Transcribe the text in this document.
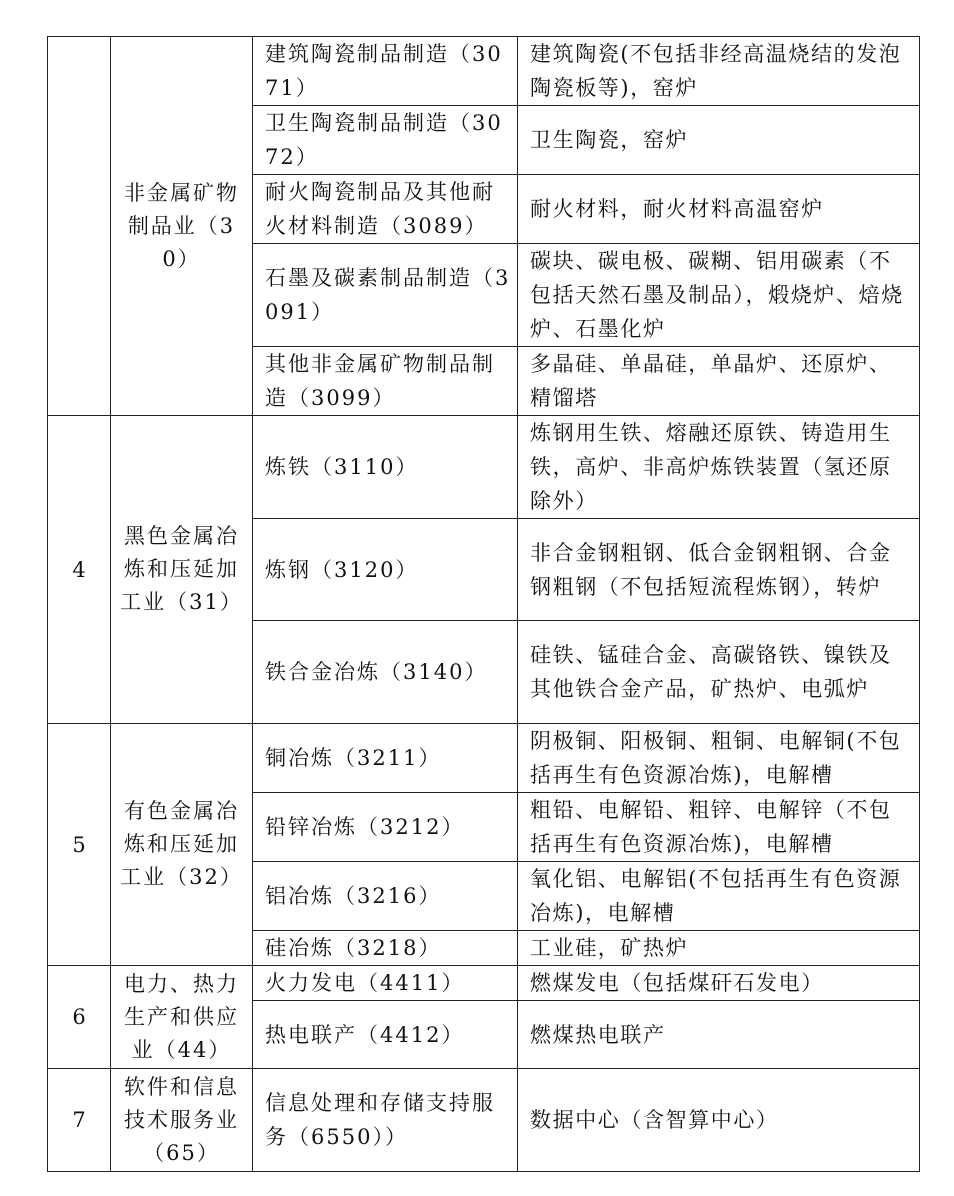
	非金属矿物制品业（30）	建筑陶瓷制品制造（3071）	建筑陶瓷(不包括非经高温烧结的发泡陶瓷板等)，窑炉
		卫生陶瓷制品制造（3072）	卫生陶瓷，窑炉
		耐火陶瓷制品及其他耐火材料制造（3089）	耐火材料，耐火材料高温窑炉
		石墨及碳素制品制造（3091）	碳块、碳电极、碳糊、铝用碳素（不包括天然石墨及制品），煅烧炉、焙烧炉、石墨化炉
		其他非金属矿物制品制造（3099）	多晶硅、单晶硅，单晶炉、还原炉、精馏塔
4	黑色金属冶炼和压延加工业（31）	炼铁（3110）	炼钢用生铁、熔融还原铁、铸造用生铁，高炉、非高炉炼铁装置（氢还原除外）
		炼钢（3120）	非合金钢粗钢、低合金钢粗钢、合金钢粗钢（不包括短流程炼钢），转炉
		铁合金冶炼（3140）	硅铁、锰硅合金、高碳铬铁、镍铁及其他铁合金产品，矿热炉、电弧炉
5	有色金属冶炼和压延加工业（32）	铜冶炼（3211）	阴极铜、阳极铜、粗铜、电解铜(不包括再生有色资源冶炼)，电解槽
		铅锌冶炼（3212）	粗铅、电解铅、粗锌、电解锌（不包括再生有色资源冶炼)，电解槽
		铝冶炼（3216）	氧化铝、电解铝(不包括再生有色资源冶炼)，电解槽
		硅冶炼（3218）	工业硅，矿热炉
6	电力、热力生产和供应业（44）	火力发电（4411）	燃煤发电（包括煤矸石发电）
		热电联产（4412）	燃煤热电联产
7	软件和信息技术服务业（65）	信息处理和存储支持服务（6550））	数据中心（含智算中心）
